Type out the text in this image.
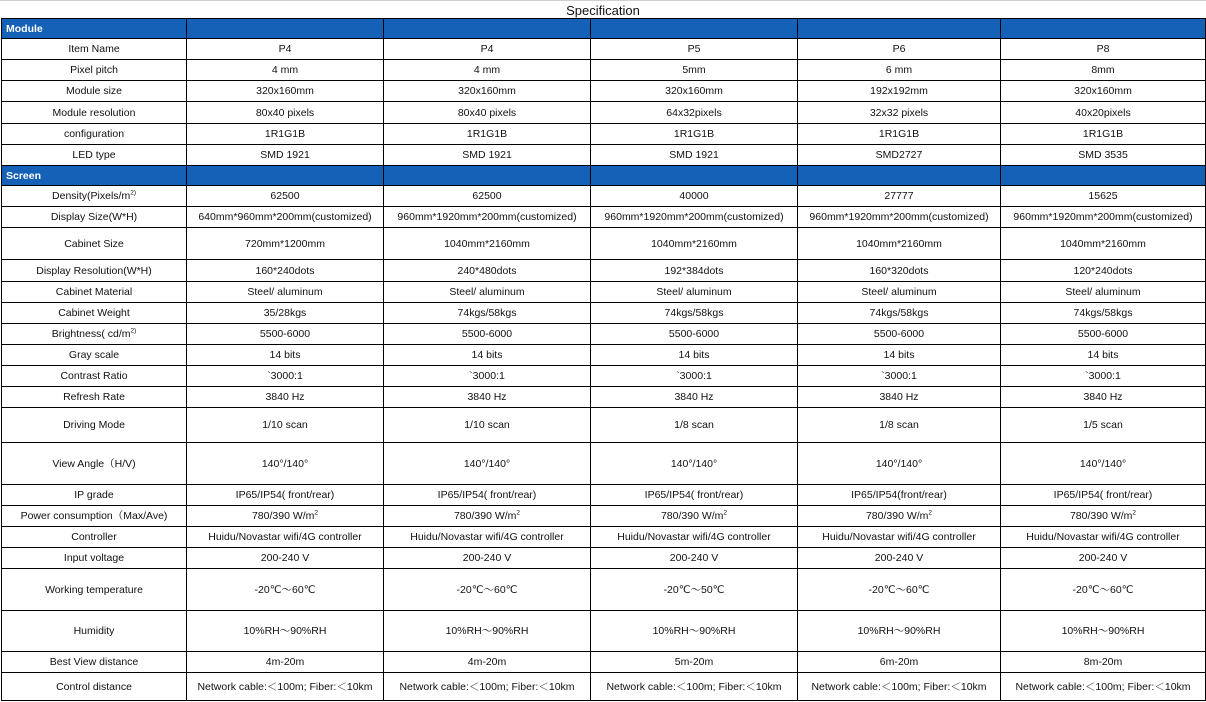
Specification
Module					
Item Name	P4	P4	P5	P6	P8
Pixel pitch	4 mm	4 mm	5mm	6 mm	8mm
Module size	320x160mm	320x160mm	320x160mm	192x192mm	320x160mm
Module resolution	80x40 pixels	80x40 pixels	64x32pixels	32x32 pixels	40x20pixels
configuration	1R1G1B	1R1G1B	1R1G1B	1R1G1B	1R1G1B
LED type	SMD 1921	SMD 1921	SMD 1921	SMD2727	SMD 3535
Screen					
$Density(Pixels/m^{2)}$	62500	62500	40000	27777	15625
Display Size(W*H)	640mm*960mm*200mm(customized)	960mm*1920mm*200mm(customized)	960mm*1920mm*200mm(customized)	960mm*1920mm*200mm(customized)	960mm*1920mm*200mm(customized)
Cabinet Size	720mm*1200mm	1040mm*2160mm	1040mm*2160mm	1040mm*2160mm	1040mm*2160mm
Display Resolution(W*H)	160*240dots	240*480dots	192*384dots	160*320dots	120*240dots
Cabinet Material	Steel/ aluminum	Steel/ aluminum	Steel/ aluminum	Steel/ aluminum	Steel/ aluminum
Cabinet Weight	35/28kgs	74kgs/58kgs	74kgs/58kgs	74kgs/58kgs	74kgs/58kgs
Brightness( $cd/m^{2)}$	5500-6000	5500-6000	5500-6000	5500-6000	5500-6000
Gray scale	14 bits	14 bits	14 bits	14 bits	14 bits
Contrast Ratio	`3000:1	`3000:1	`3000:1	`3000:1	`3000:1
Refresh Rate	3840 Hz	3840 Hz	3840 Hz	3840 Hz	3840 Hz
Driving Mode	1/10 scan	1/10 scan	1/8 scan	1/8 scan	1/5 scan
View Angle（H/V)	140°/140°	140°/140°	140°/140°	140°/140°	140°/140°
IP grade	IP65/IP54( front/rear)	IP65/IP54( front/rear)	IP65/IP54( front/rear)	IP65/IP54(front/rear)	IP65/IP54( front/rear)
Power consumption（Max/Ave)	780/390 $W/m^2$	780/390 $W/m^2$	780/390 $W/m^2$	780/390 $W/m^2$	780/390 $W/m^2$
Controller	Huidu/Novastar wifi/4G controller	Huidu/Novastar wifi/4G controller	Huidu/Novastar wifi/4G controller	Huidu/Novastar wifi/4G controller	Huidu/Novastar wifi/4G controller
Input voltage	200-240 V	200-240 V	200-240 V	200-240 V	200-240 V
Working temperature	-20℃～60℃	-20℃～60℃	-20℃～50℃	-20℃～60℃	-20℃～60℃
Humidity	10%RH～90%RH	10%RH～90%RH	10%RH～90%RH	10%RH～90%RH	10%RH～90%RH
Best View distance	4m-20m	4m-20m	5m-20m	6m-20m	8m-20m
Control distance	Network cable:＜100m; Fiber:＜10km	Network cable:＜100m; Fiber:＜10km	Network cable:＜100m; Fiber:＜10km	Network cable:＜100m; Fiber:＜10km	Network cable:＜100m; Fiber:＜10km
